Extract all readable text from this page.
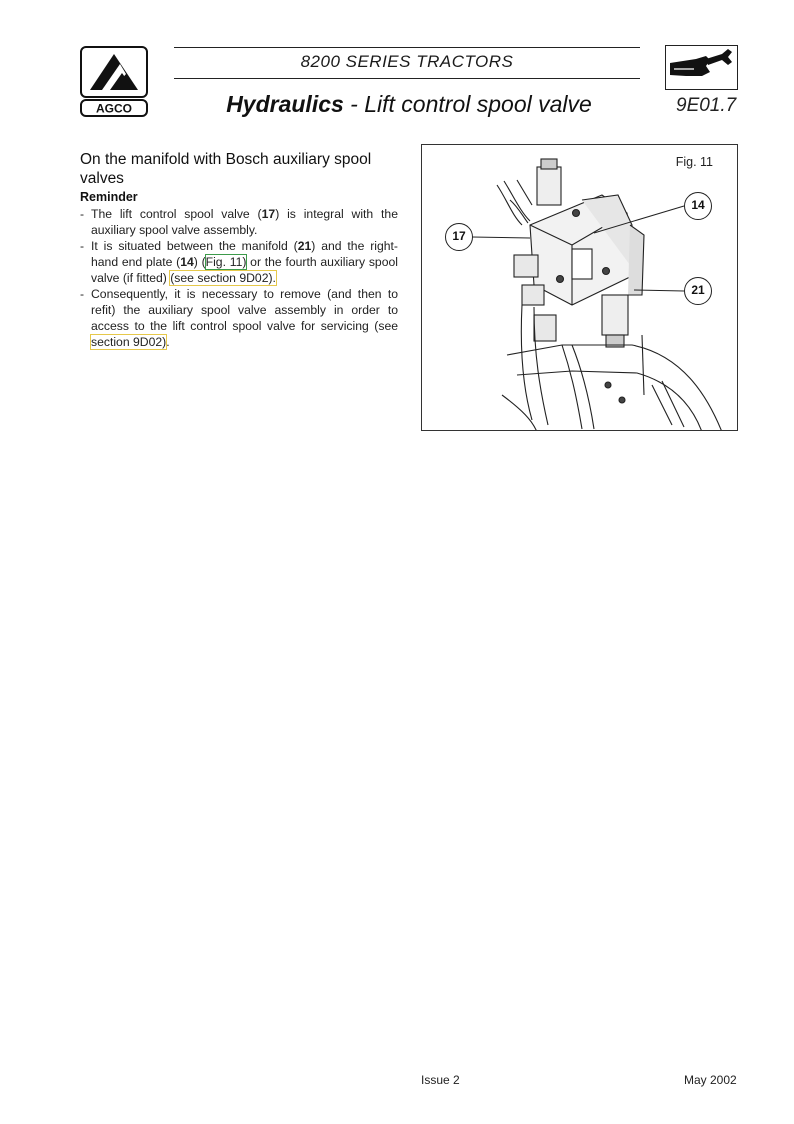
AGCO
8200 SERIES TRACTORS
Hydraulics - Lift control spool valve	9E01.7
On the manifold with Bosch auxiliary spool valves
Reminder
- The lift control spool valve (17) is integral with the auxiliary spool valve assembly.
- It is situated between the manifold (21) and the right-hand end plate (14) (Fig. 11) or the fourth auxiliary spool valve (if fitted) (see section 9D02).
- Consequently, it is necessary to remove (and then to refit) the auxiliary spool valve assembly in order to access to the lift control spool valve for servicing (see section 9D02).
Fig. 11
14
17
21
Issue 2	May 2002
